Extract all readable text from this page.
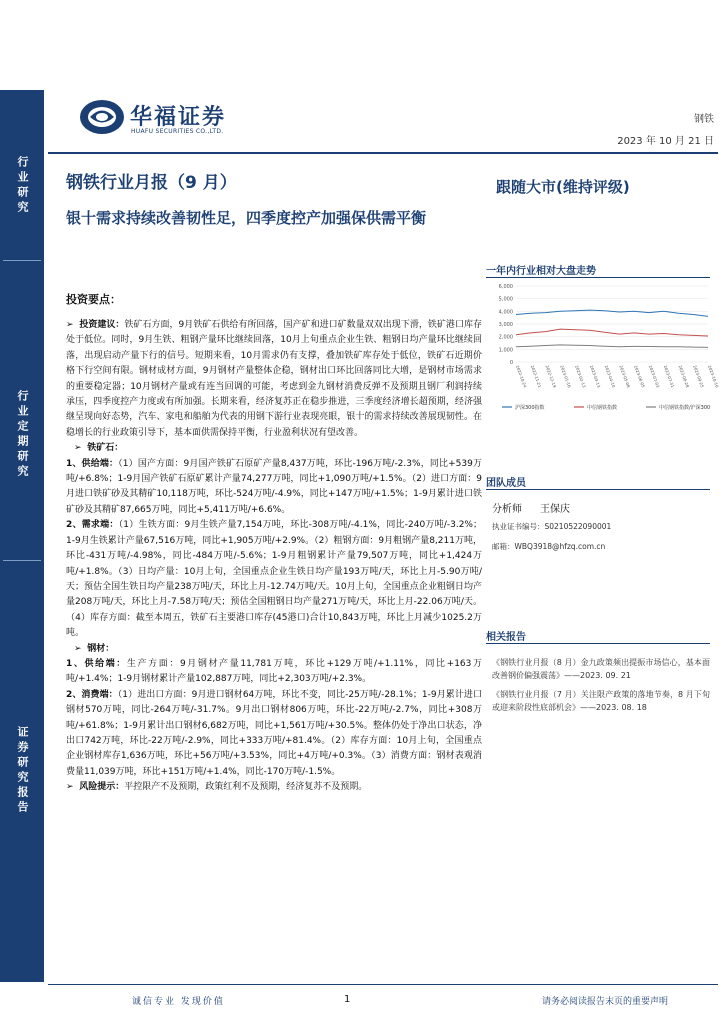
行业研究
行业定期研究
证券研究报告
华福证券
HUAFU SECURITIES CO.,LTD.
钢铁
2023 年 10 月 21 日
钢铁行业月报（9 月）
银十需求持续改善韧性足，四季度控产加强保供需平衡
跟随大市(维持评级)
投资要点：

➢  投资建议：铁矿石方面，9月铁矿石供给有所回落，国产矿和进口矿数量双双出现下滑，铁矿港口库存处于低位。同时，9月生铁、粗钢产量环比继续回落，10月上旬重点企业生铁、粗钢日均产量环比继续回落，出现启动产量下行的信号。短期来看，10月需求仍有支撑，叠加铁矿库存处于低位，铁矿石近期价格下行空间有限。钢材成材方面，9月钢材产量整体企稳，钢材出口环比回落同比大增，是钢材市场需求的重要稳定器；10月钢材产量或有连当回调的可能，考虑到金九钢材消费反弹不及预期且钢厂利润持续承压，四季度控产力度或有所加强。长期来看，经济复苏正在稳步推进，三季度经济增长超预期，经济强继呈现向好态势，汽车、家电和船舶为代表的用钢下游行业表现亮眼，银十的需求持续改善展现韧性。在稳增长的行业政策引导下，基本面供需保持平衡，行业盈利状况有望改善。

➢  铁矿石：

1、供给端：（1）国产方面：9月国产铁矿石原矿产量8,437万吨，环比-196万吨/-2.3%，同比+539万吨/+6.8%；1-9月国产铁矿石原矿累计产量74,277万吨，同比+1,090万吨/+1.5%。（2）进口方面：9月进口铁矿砂及其精矿10,118万吨，环比-524万吨/-4.9%，同比+147万吨/+1.5%；1-9月累计进口铁矿砂及其精矿87,665万吨，同比+5,411万吨/+6.6%。

2、需求端：（1）生铁方面：9月生铁产量7,154万吨，环比-308万吨/-4.1%，同比-240万吨/-3.2%；1-9月生铁累计产量67,516万吨，同比+1,905万吨/+2.9%。（2）粗钢方面：9月粗钢产量8,211万吨，环比-431万吨/-4.98%，同比-484万吨/-5.6%；1-9月粗钢累计产量79,507万吨，同比+1,424万吨/+1.8%。（3）日均产量：10月上旬，全国重点企业生铁日均产量193万吨/天，环比上月-5.90万吨/天；预估全国生铁日均产量238万吨/天，环比上月-12.74万吨/天。10月上旬，全国重点企业粗钢日均产量208万吨/天，环比上月-7.58万吨/天；预估全国粗钢日均产量271万吨/天，环比上月-22.06万吨/天。（4）库存方面：截至本周五，铁矿石主要港口库存(45港口)合计10,843万吨，环比上月减少1025.2万吨。

➢  钢材：

1、供给端：生产方面：9月钢材产量11,781万吨，环比+129万吨/+1.11%，同比+163万吨/+1.4%；1-9月钢材累计产量102,887万吨，同比+2,303万吨/+2.3%。

2、消费端：（1）进出口方面：9月进口钢材64万吨，环比不变，同比-25万吨/-28.1%；1-9月累计进口钢材570万吨，同比-264万吨/-31.7%。9月出口钢材806万吨，环比-22万吨/-2.7%，同比+308万吨/+61.8%；1-9月累计出口钢材6,682万吨，同比+1,561万吨/+30.5%。整体仍处于净出口状态，净出口742万吨，环比-22万吨/-2.9%，同比+333万吨/+81.4%。（2）库存方面：10月上旬，全国重点企业钢材库存1,636万吨，环比+56万吨/+3.53%，同比+4万吨/+0.3%。（3）消费方面：钢材表观消费量11,039万吨，环比+151万吨/+1.4%，同比-170万吨/-1.5%。

➢  风险提示：平控限产不及预期，政策红利不及预期，经济复苏不及预期。

一年内行业相对大盘走势
0
1,000
2,000
3,000
4,000
5,000
6,000
2022-10-24 2022-11-21 2022-12-19 2023-01-16 2023-02-13 2023-03-13 2023-04-10 2023-05-08 2023-06-05 2023-07-03 2023-07-31 2023-08-28 2023-09-25 2023-10-16
沪深300指数	中信钢铁指数	中信钢铁指数/沪深300
团队成员
分析师 王保庆
执业证书编号：S0210522090001
邮箱：WBQ3918@hfzq.com.cn
相关报告
《钢铁行业月报（8 月）金九政策频出提振市场信心，基本面改善钢价偏强震荡》——2023. 09. 21
《钢铁行业月报（7 月）关注限产政策的落地节奏，8 月下旬或迎来阶段性底部机会》——2023. 08. 18
诚信专业 发现价值	1	请务必阅读报告末页的重要声明
